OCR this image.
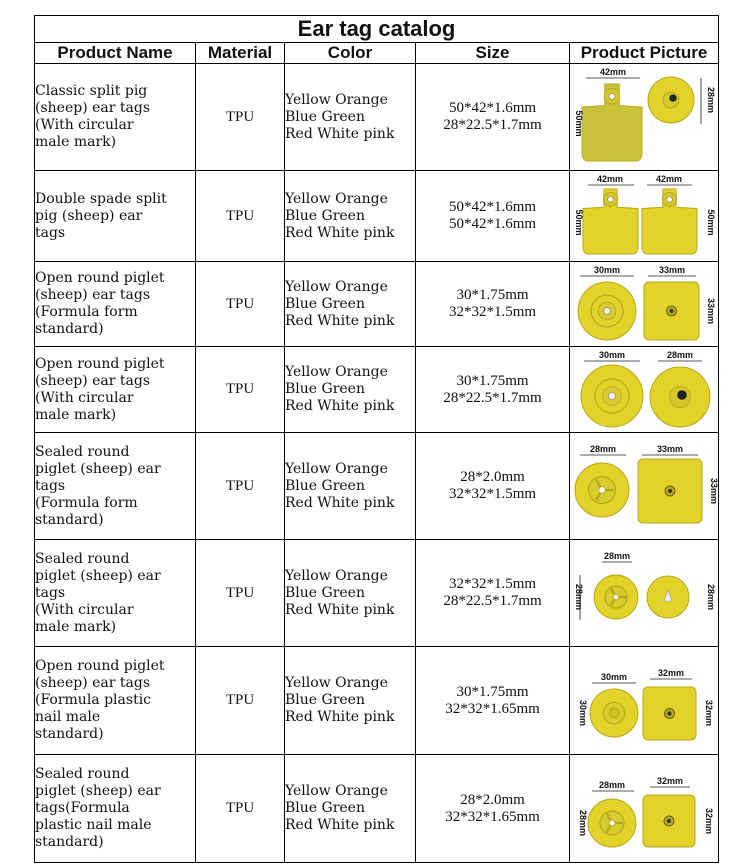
Ear tag catalog				
Product Name	Material	Color	Size	Product Picture
Classic split pig
(sheep) ear tags
(With circular
male mark)	TPU	Yellow Orange
Blue Green
Red White pink	50*42*1.6mm
28*22.5*1.7mm	42mm
28mm
50mm

Double spade split
pig (sheep) ear
tags	TPU	Yellow Orange
Blue Green
Red White pink	50*42*1.6mm
50*42*1.6mm	42mm 42mm
50mm 50mm

Open round piglet
(sheep) ear tags
(Formula form
standard)	TPU	Yellow Orange
Blue Green
Red White pink	30*1.75mm
32*32*1.5mm	30mm 33mm
33mm

Open round piglet
(sheep) ear tags
(With circular
male mark)	TPU	Yellow Orange
Blue Green
Red White pink	30*1.75mm
28*22.5*1.7mm	30mm 28mm

Sealed round
piglet (sheep) ear
tags
(Formula form
standard)	TPU	Yellow Orange
Blue Green
Red White pink	28*2.0mm
32*32*1.5mm	28mm 33mm
33mm

Sealed round
piglet (sheep) ear
tags
(With circular
male mark)	TPU	Yellow Orange
Blue Green
Red White pink	32*32*1.5mm
28*22.5*1.7mm	28mm
28mm 28mm

Open round piglet
(sheep) ear tags
(Formula plastic
nail male
standard)	TPU	Yellow Orange
Blue Green
Red White pink	30*1.75mm
32*32*1.65mm	30mm 32mm
30mm 32mm

Sealed round
piglet (sheep) ear
tags(Formula
plastic nail male
standard)	TPU	Yellow Orange
Blue Green
Red White pink	28*2.0mm
32*32*1.65mm	28mm 32mm
28mm 32mm
